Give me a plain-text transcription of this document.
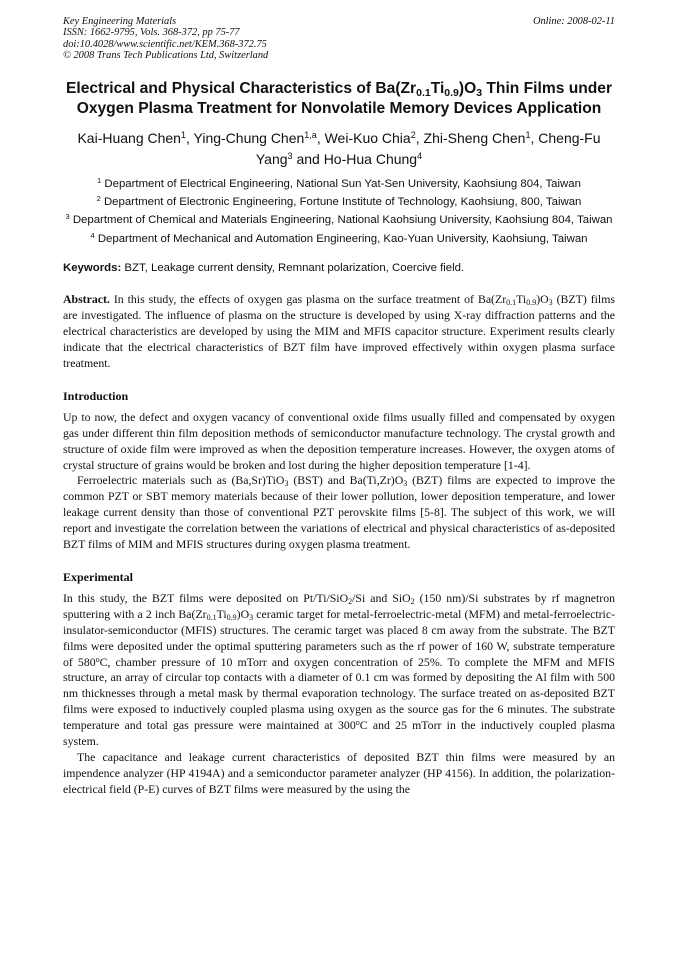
Key Engineering Materials
ISSN: 1662-9795, Vols. 368-372, pp 75-77
doi:10.4028/www.scientific.net/KEM.368-372.75
© 2008 Trans Tech Publications Ltd, Switzerland
Online: 2008-02-11
Electrical and Physical Characteristics of $Ba(Zr_{0.1}Ti_{0.9})O_3$ Thin Films under Oxygen Plasma Treatment for Nonvolatile Memory Devices Application
Kai-Huang Chen$^1$, Ying-Chung Chen$^{1,a}$, Wei-Kuo Chia$^2$, Zhi-Sheng Chen$^1$, Cheng-Fu Yang$^3$ and Ho-Hua Chung$^4$
$^1$ Department of Electrical Engineering, National Sun Yat-Sen University, Kaohsiung 804, Taiwan
$^2$ Department of Electronic Engineering, Fortune Institute of Technology, Kaohsiung, 800, Taiwan
$^3$ Department of Chemical and Materials Engineering, National Kaohsiung University, Kaohsiung 804, Taiwan
$^4$ Department of Mechanical and Automation Engineering, Kao-Yuan University, Kaohsiung, Taiwan
Keywords: BZT, Leakage current density, Remnant polarization, Coercive field.

Abstract. In this study, the effects of oxygen gas plasma on the surface treatment of $Ba(Zr_{0.1}Ti_{0.9})O_3$ (BZT) films are investigated. The influence of plasma on the structure is developed by using X-ray diffraction patterns and the electrical characteristics are developed by using the MIM and MFIS capacitor structure. Experiment results clearly indicate that the electrical characteristics of BZT film have improved effectively within oxygen plasma surface treatment.

Introduction

Up to now, the defect and oxygen vacancy of conventional oxide films usually filled and compensated by oxygen gas under different thin film deposition methods of semiconductor manufacture technology. The crystal growth and structure of oxide film were improved as when the deposition temperature increases. However, the oxygen atoms of crystal structure of grains would be broken and lost during the higher deposition temperature [1-4].

Ferroelectric materials such as (Ba,Sr)TiO$_3$ (BST) and $Ba(Ti,Zr)O_3$ (BZT) films are expected to improve the common PZT or SBT memory materials because of their lower pollution, lower deposition temperature, and lower leakage current density than those of conventional PZT perovskite films [5-8]. The subject of this work, we will report and investigate the correlation between the variations of electrical and physical characteristics of as-deposited BZT films of MIM and MFIS structures during oxygen plasma treatment.

Experimental

In this study, the BZT films were deposited on Pt/Ti/SiO$_2$/Si and SiO$_2$ (150 nm)/Si substrates by rf magnetron sputtering with a 2 inch $Ba(Zr_{0.1}Ti_{0.9})O_3$ ceramic target for metal-ferroelectric-metal (MFM) and metal-ferroelectric-insulator-semiconductor (MFIS) structures. The ceramic target was placed 8 cm away from the substrate. The BZT films were deposited under the optimal sputtering parameters such as the rf power of 160 W, substrate temperature of 580$^o$C, chamber pressure of 10 mTorr and oxygen concentration of 25%. To complete the MFM and MFIS structure, an array of circular top contacts with a diameter of 0.1 cm was formed by depositing the Al film with 500 nm thicknesses through a metal mask by thermal evaporation technology. The surface treated on as-deposited BZT films were exposed to inductively coupled plasma using oxygen as the source gas for the 6 minutes. The substrate temperature and total gas pressure were maintained at 300$^o$C and 25 mTorr in the inductively coupled plasma system.

The capacitance and leakage current characteristics of deposited BZT thin films were measured by an impendence analyzer (HP 4194A) and a semiconductor parameter analyzer (HP 4156). In addition, the polarization-electrical field (P-E) curves of BZT films were measured by the using the
